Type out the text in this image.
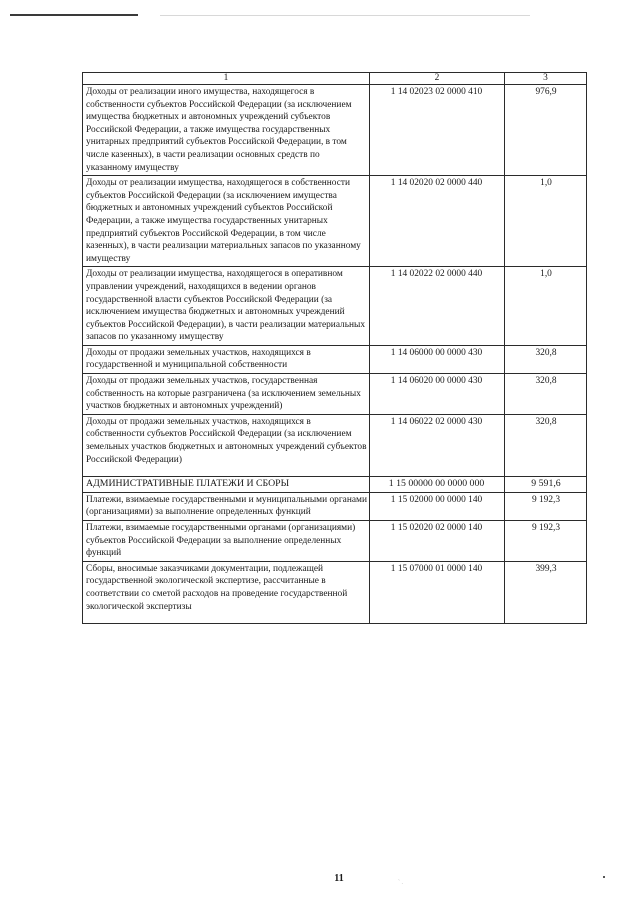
1	2	3
Доходы от реализации иного имущества, находящегося в собственности субъектов Российской Федерации (за исключением имущества бюджетных и автономных учреждений субъектов Российской Федерации, а также имущества государственных унитарных предприятий субъектов Российской Федерации, в том числе казенных), в части реализации основных средств по указанному имуществу	1 14 02023 02 0000 410	976,9
Доходы от реализации имущества, находящегося в собственности субъектов Российской Федерации (за исключением имущества бюджетных и автономных учреждений субъектов Российской Федерации, а также имущества государственных унитарных предприятий субъектов Российской Федерации, в том числе казенных), в части реализации материальных запасов по указанному имуществу	1 14 02020 02 0000 440	1,0
Доходы от реализации имущества, находящегося в оперативном управлении учреждений, находящихся в ведении органов государственной власти субъектов Российской Федерации (за исключением имущества бюджетных и автономных учреждений субъектов Российской Федерации), в части реализации материальных запасов по указанному имуществу	1 14 02022 02 0000 440	1,0
Доходы от продажи земельных участков, находящихся в государственной и муниципальной собственности	1 14 06000 00 0000 430	320,8
Доходы от продажи земельных участков, государственная собственность на которые разграничена (за исключением земельных участков бюджетных и автономных учреждений)	1 14 06020 00 0000 430	320,8
Доходы от продажи земельных участков, находящихся в собственности субъектов Российской Федерации (за исключением земельных участков бюджетных и автономных учреждений субъектов Российской Федерации)	1 14 06022 02 0000 430	320,8
АДМИНИСТРАТИВНЫЕ ПЛАТЕЖИ И СБОРЫ	1 15 00000 00 0000 000	9 591,6
Платежи, взимаемые государственными и муниципальными органами (организациями) за выполнение определенных функций	1 15 02000 00 0000 140	9 192,3
Платежи, взимаемые государственными органами (организациями) субъектов Российской Федерации за выполнение определенных функций	1 15 02020 02 0000 140	9 192,3
Сборы, вносимые заказчиками документации, подлежащей государственной экологической экспертизе, рассчитанные в соответствии со сметой расходов на проведение государственной экологической экспертизы	1 15 07000 01 0000 140	399,3
11	` .
